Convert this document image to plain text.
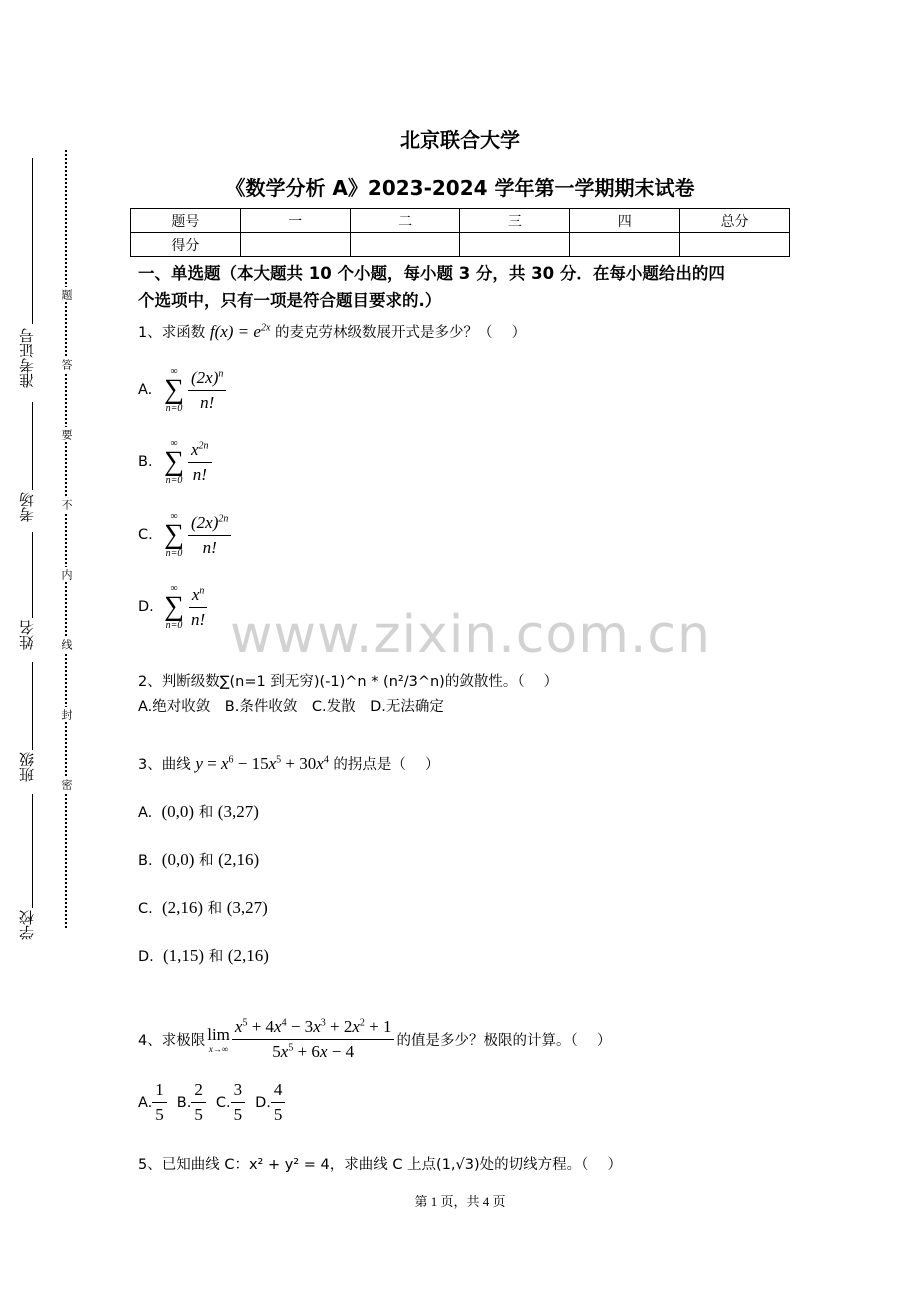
准考证号
考场
姓名
班级
学校
题
答
要
不
内
线
封
密
北京联合大学
《数学分析 A》2023-2024 学年第一学期期末试卷
题号	一	二	三	四	总分
得分					
一、单选题（本大题共 10 个小题，每小题 3 分，共 30 分．在每小题给出的四
个选项中，只有一项是符合题目要求的.）
1、求函数 $f(x) = e^{2x}$ 的麦克劳林级数展开式是多少？（　 ）
A.
∞
∑
$n=0 \frac{(2x)^n}{n!}$
B.
∞
∑
$n=0 \frac{x^{2n}}{n!}$
C.
∞
∑
$n=0 \frac{(2x)^{2n}}{n!}$
D.
∞
∑
$n=0 \frac{x^n}{n!}$ www.zixin.com.cn
2、判断级数∑(n=1 到无穷)(-1)^n * (n²/3^n)的敛散性。（　 ）
A.绝对收敛　B.条件收敛　C.发散　D.无法确定
3、曲线 $y = x^6 - 15x^5 + 30x^4$ 的拐点是（　 ）
A. (0,0) 和 (3,27)
B. (0,0) 和 (2,16)
C. (2,16) 和 (3,27)
D. (1,15) 和 (2,16)
4、求极限 lim
$x\to\infty \frac{x^5 + 4x^4 - 3x^3 + 2x^2 + 1}{5x^5 + 6x - 4}$ 的值是多少？极限的计算。（　 ）
A. $\frac{1}{5} B$. $\frac{2}{5} C$. $\frac{3}{5} D$. $\frac{4}{5}$
5、已知曲线 C：x² + y² = 4，求曲线 C 上点(1,√3)处的切线方程。（　 ）
第 1 页，共 4 页
